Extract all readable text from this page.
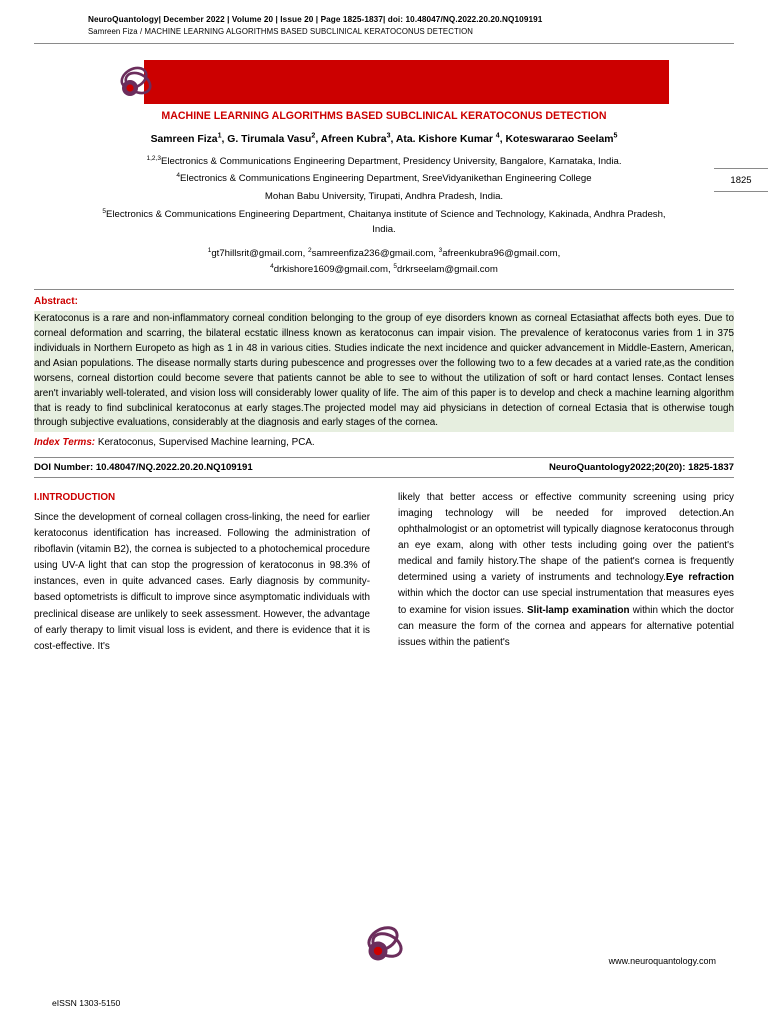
NeuroQuantology| December 2022 | Volume 20 | Issue 20 | Page 1825-1837| doi: 10.48047/NQ.2022.20.20.NQ109191
Samreen Fiza / MACHINE LEARNING ALGORITHMS BASED SUBCLINICAL KERATOCONUS DETECTION
MACHINE LEARNING ALGORITHMS BASED SUBCLINICAL KERATOCONUS DETECTION
Samreen Fiza$^1$, G. Tirumala Vasu$^2$, Afreen Kubra$^3$, Ata. Kishore Kumar $^4$, Koteswararao Seelam$^5$
$^{1,2,3}$Electronics & Communications Engineering Department, Presidency University, Bangalore, Karnataka, India.
$^4$Electronics & Communications Engineering Department, SreeVidyanikethan Engineering College
Mohan Babu University, Tirupati, Andhra Pradesh, India.
$^5$Electronics & Communications Engineering Department, Chaitanya institute of Science and Technology, Kakinada, Andhra Pradesh, India.
$^1$gt7hillsrit@gmail.com, $^2$samreenfiza236@gmail.com, $^3$afreenkubra96@gmail.com,
$^4$drkishore1609@gmail.com, $^5$drkrseelam@gmail.com
1825
Abstract:
Keratoconus is a rare and non-inflammatory corneal condition belonging to the group of eye disorders known as corneal Ectasiathat affects both eyes. Due to corneal deformation and scarring, the bilateral ecstatic illness known as keratoconus can impair vision. The prevalence of keratoconus varies from 1 in 375 individuals in Northern Europeto as high as 1 in 48 in various cities. Studies indicate the next incidence and quicker advancement in Middle-Eastern, American, and Asian populations. The disease normally starts during pubescence and progresses over the following two to a few decades at a varied rate,as the condition worsens, corneal distortion could become severe that patients cannot be able to see to without the utilization of soft or hard contact lenses. Contact lenses aren't invariably well-tolerated, and vision loss will considerably lower quality of life. The aim of this paper is to develop and check a machine learning algorithm that is ready to find subclinical keratoconus at early stages.The projected model may aid physicians in detection of corneal Ectasia that is otherwise tough through subjective evaluations, considerably at the diagnosis and early stages of the cornea.
Index Terms: Keratoconus, Supervised Machine learning, PCA.
DOI Number: 10.48047/NQ.2022.20.20.NQ109191	NeuroQuantology2022;20(20): 1825-1837
I.INTRODUCTION

Since the development of corneal collagen cross-linking, the need for earlier keratoconus identification has increased. Following the administration of riboflavin (vitamin B2), the cornea is subjected to a photochemical procedure using UV-A light that can stop the progression of keratoconus in 98.3% of instances, even in quite advanced cases. Early diagnosis by community-based optometrists is difficult to improve since asymptomatic individuals with preclinical disease are unlikely to seek assessment. However, the advantage of early therapy to limit visual loss is evident, and there is evidence that it is cost-effective. It's

likely that better access or effective community screening using pricy imaging technology will be needed for improved detection.An ophthalmologist or an optometrist will typically diagnose keratoconus through an eye exam, along with other tests including going over the patient's medical and family history.The shape of the patient's cornea is frequently determined using a variety of instruments and technology.Eye refraction within which the doctor can use special instrumentation that measures eyes to examine for vision issues. Slit-lamp examination within which the doctor can measure the form of the cornea and appears for alternative potential issues within the patient's

www.neuroquantology.com
eISSN 1303-5150
